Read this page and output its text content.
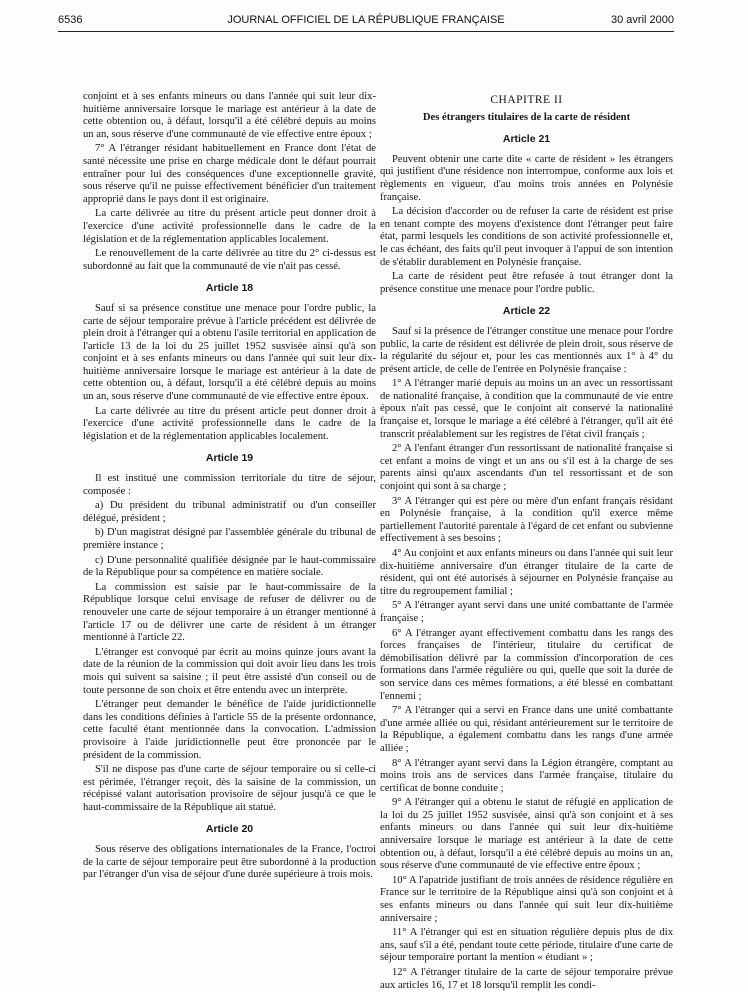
6536	JOURNAL OFFICIEL DE LA RÉPUBLIQUE FRANÇAISE	30 avril 2000

conjoint et à ses enfants mineurs ou dans l'année qui suit leur dix-huitième anniversaire lorsque le mariage est antérieur à la date de cette obtention ou, à défaut, lorsqu'il a été célébré depuis au moins un an, sous réserve d'une communauté de vie effective entre époux ;

7° A l'étranger résidant habituellement en France dont l'état de santé nécessite une prise en charge médicale dont le défaut pourrait entraîner pour lui des conséquences d'une exceptionnelle gravité, sous réserve qu'il ne puisse effectivement bénéficier d'un traitement approprié dans le pays dont il est originaire.

La carte délivrée au titre du présent article peut donner droit à l'exercice d'une activité professionnelle dans le cadre de la législation et de la réglementation applicables localement.

Le renouvellement de la carte délivrée au titre du 2° ci-dessus est subordonné au fait que la communauté de vie n'ait pas cessé.

Article 18

Sauf si sa présence constitue une menace pour l'ordre public, la carte de séjour temporaire prévue à l'article précédent est délivrée de plein droit à l'étranger qui a obtenu l'asile territorial en application de l'article 13 de la loi du 25 juillet 1952 susvisée ainsi qu'à son conjoint et à ses enfants mineurs ou dans l'année qui suit leur dix-huitième anniversaire lorsque le mariage est antérieur à la date de cette obtention ou, à défaut, lorsqu'il a été célébré depuis au moins un an, sous réserve d'une communauté de vie effective entre époux.

La carte délivrée au titre du présent article peut donner droit à l'exercice d'une activité professionnelle dans le cadre de la législation et de la réglementation applicables localement.

Article 19

Il est institué une commission territoriale du titre de séjour, composée :

a) Du président du tribunal administratif ou d'un conseiller délégué, président ;

b) D'un magistrat désigné par l'assemblée générale du tribunal de première instance ;

c) D'une personnalité qualifiée désignée par le haut-commissaire de la République pour sa compétence en matière sociale.

La commission est saisie par le haut-commissaire de la République lorsque celui envisage de refuser de délivrer ou de renouveler une carte de séjour temporaire à un étranger mentionné à l'article 17 ou de délivrer une carte de résident à un étranger mentionné à l'article 22.

L'étranger est convoqué par écrit au moins quinze jours avant la date de la réunion de la commission qui doit avoir lieu dans les trois mois qui suivent sa saisine ; il peut être assisté d'un conseil ou de toute personne de son choix et être entendu avec un interprète.

L'étranger peut demander le bénéfice de l'aide juridictionnelle dans les conditions définies à l'article 55 de la présente ordonnance, cette faculté étant mentionnée dans la convocation. L'admission provisoire à l'aide juridictionnelle peut être prononcée par le président de la commission.

S'il ne dispose pas d'une carte de séjour temporaire ou si celle-ci est périmée, l'étranger reçoit, dès la saisine de la commission, un récépissé valant autorisation provisoire de séjour jusqu'à ce que le haut-commissaire de la République ait statué.

Article 20

Sous réserve des obligations internationales de la France, l'octroi de la carte de séjour temporaire peut être subordonné à la production par l'étranger d'un visa de séjour d'une durée supérieure à trois mois.

CHAPITRE II
Des étrangers titulaires de la carte de résident
Article 21

Peuvent obtenir une carte dite « carte de résident » les étrangers qui justifient d'une résidence non interrompue, conforme aux lois et règlements en vigueur, d'au moins trois années en Polynésie française.

La décision d'accorder ou de refuser la carte de résident est prise en tenant compte des moyens d'existence dont l'étranger peut faire état, parmi lesquels les conditions de son activité professionnelle et, le cas échéant, des faits qu'il peut invoquer à l'appui de son intention de s'établir durablement en Polynésie française.

La carte de résident peut être refusée à tout étranger dont la présence constitue une menace pour l'ordre public.

Article 22

Sauf si la présence de l'étranger constitue une menace pour l'ordre public, la carte de résident est délivrée de plein droit, sous réserve de la régularité du séjour et, pour les cas mentionnés aux 1° à 4° du présent article, de celle de l'entrée en Polynésie française :

1° A l'étranger marié depuis au moins un an avec un ressortissant de nationalité française, à condition que la communauté de vie entre époux n'ait pas cessé, que le conjoint ait conservé la nationalité française et, lorsque le mariage a été célébré à l'étranger, qu'il ait été transcrit préalablement sur les registres de l'état civil français ;

2° A l'enfant étranger d'un ressortissant de nationalité française si cet enfant a moins de vingt et un ans ou s'il est à la charge de ses parents ainsi qu'aux ascendants d'un tel ressortissant et de son conjoint qui sont à sa charge ;

3° A l'étranger qui est père ou mère d'un enfant français résidant en Polynésie française, à la condition qu'il exerce même partiellement l'autorité parentale à l'égard de cet enfant ou subvienne effectivement à ses besoins ;

4° Au conjoint et aux enfants mineurs ou dans l'année qui suit leur dix-huitième anniversaire d'un étranger titulaire de la carte de résident, qui ont été autorisés à séjourner en Polynésie française au titre du regroupement familial ;

5° A l'étranger ayant servi dans une unité combattante de l'armée française ;

6° A l'étranger ayant effectivement combattu dans les rangs des forces françaises de l'intérieur, titulaire du certificat de démobilisation délivré par la commission d'incorporation de ces formations dans l'armée régulière ou qui, quelle que soit la durée de son service dans ces mêmes formations, a été blessé en combattant l'ennemi ;

7° A l'étranger qui a servi en France dans une unité combattante d'une armée alliée ou qui, résidant antérieurement sur le territoire de la République, a également combattu dans les rangs d'une armée alliée ;

8° A l'étranger ayant servi dans la Légion étrangère, comptant au moins trois ans de services dans l'armée française, titulaire du certificat de bonne conduite ;

9° A l'étranger qui a obtenu le statut de réfugié en application de la loi du 25 juillet 1952 susvisée, ainsi qu'à son conjoint et à ses enfants mineurs ou dans l'année qui suit leur dix-huitième anniversaire lorsque le mariage est antérieur à la date de cette obtention ou, à défaut, lorsqu'il a été célébré depuis au moins un an, sous réserve d'une communauté de vie effective entre époux ;

10° A l'apatride justifiant de trois années de résidence régulière en France sur le territoire de la République ainsi qu'à son conjoint et à ses enfants mineurs ou dans l'année qui suit leur dix-huitième anniversaire ;

11° A l'étranger qui est en situation régulière depuis plus de dix ans, sauf s'il a été, pendant toute cette période, titulaire d'une carte de séjour temporaire portant la mention « étudiant » ;

12° A l'étranger titulaire de la carte de séjour temporaire prévue aux articles 16, 17 et 18 lorsqu'il remplit les condi-
